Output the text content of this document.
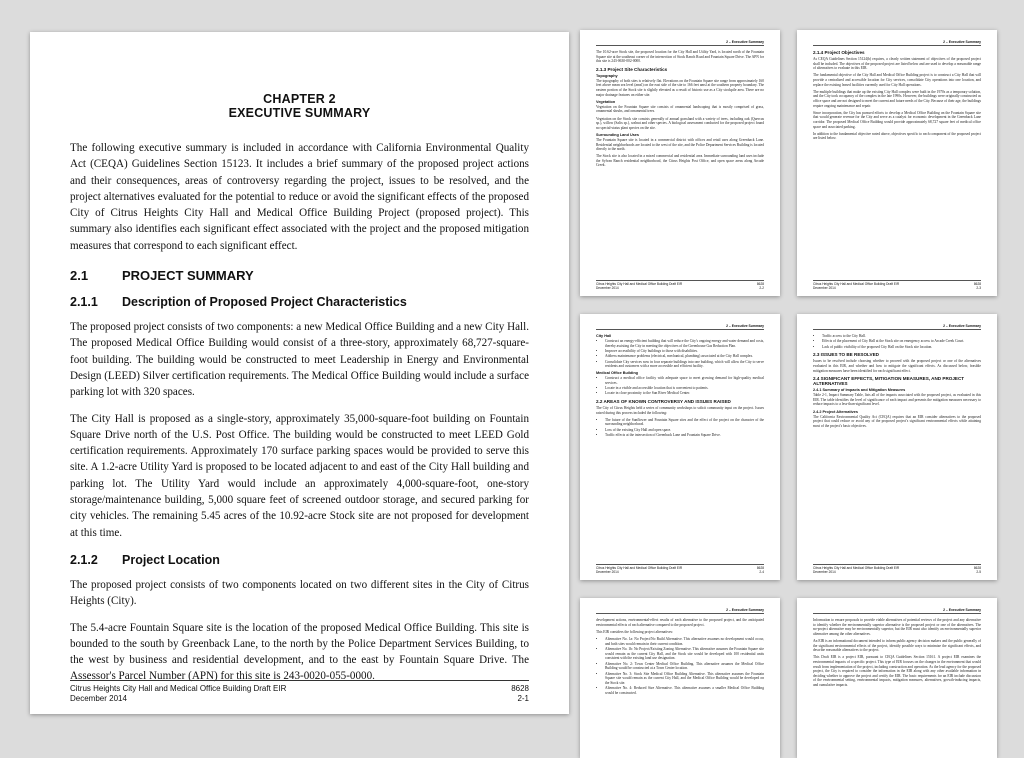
CHAPTER 2
EXECUTIVE SUMMARY

The following executive summary is included in accordance with California Environmental Quality Act (CEQA) Guidelines Section 15123. It includes a brief summary of the proposed project actions and their consequences, areas of controversy regarding the project, issues to be resolved, and the project alternatives evaluated for the potential to reduce or avoid the significant effects of the proposed City of Citrus Heights City Hall and Medical Office Building Project (proposed project). This summary also identifies each significant effect associated with the project and the proposed mitigation measures that correspond to each significant effect.

2.1	PROJECT SUMMARY
2.1.1	Description of Proposed Project Characteristics

The proposed project consists of two components: a new Medical Office Building and a new City Hall. The proposed Medical Office Building would consist of a three-story, approximately 68,727-square-foot building. The building would be constructed to meet Leadership in Energy and Environmental Design (LEED) Silver certification requirements. The Medical Office Building would include a surface parking lot with 320 spaces.

The City Hall is proposed as a single-story, approximately 35,000-square-foot building on Fountain Square Drive north of the U.S. Post Office. The building would be constructed to meet LEED Gold certification requirements. Approximately 170 surface parking spaces would be provided to serve this site. A 1.2-acre Utility Yard is proposed to be located adjacent to and east of the City Hall building and parking lot. The Utility Yard would include an approximately 4,000-square-foot, one-story storage/maintenance building, 5,000 square feet of screened outdoor storage, and secured parking for city vehicles. The remaining 5.45 acres of the 10.92-acre Stock site are not proposed for development at this time.

2.1.2	Project Location

The proposed project consists of two components located on two different sites in the City of Citrus Heights (City).

The 5.4-acre Fountain Square site is the location of the proposed Medical Office Building. This site is bounded to the south by Greenback Lane, to the north by the Police Department Services Building, to the west by business and residential development, and to the east by Fountain Square Drive. The Assessor's Parcel Number (APN) for this site is 243-0020-055-0000.

Citrus Heights City Hall and Medical Office Building Draft EIR	8628
December 2014	2-1
2 – Executive Summary

The 10.62-acre Stock site, the proposed location for the City Hall and Utility Yard, is located north of the Fountain Square site at the southeast corner of the intersection of Stock Ranch Road and Fountain Square Drive. The APN for this site is 243-0630-002-0000.

2.1.3 Project Site Characteristics
Topography

The topography of both sites is relatively flat. Elevations on the Fountain Square site range from approximately 160 feet above mean sea level (amsl) on the east side of the site to 166 feet amsl at the southern property boundary. The eastern portion of the Stock site is slightly elevated as a result of historic use as a City stockpile area. There are no major drainage features on either site.

Vegetation

Vegetation on the Fountain Square site consists of ornamental landscaping that is mostly comprised of grass, ornamental shrubs, and ornamental trees.

Vegetation on the Stock site consists generally of annual grassland with a variety of trees, including oak (Quercus sp.), willow (Salix sp.), walnut and other species. A biological assessment conducted for the proposed project found no special-status plant species on the site.

Surrounding Land Uses

The Fountain Square site is located in a commercial district with offices and retail uses along Greenback Lane. Residential neighborhoods are located to the west of the site, and the Police Department Services Building is located directly to the north.

The Stock site is also located in a mixed commercial and residential area. Immediate surrounding land uses include the Sylvan Ranch residential neighborhood, the Citrus Heights Post Office, and open space areas along Arcade Creek.

Citrus Heights City Hall and Medical Office Building Draft EIR	8628
December 2014	2-2
2 – Executive Summary
2.1.4 Project Objectives

As CEQA Guidelines Section 15124(b) requires, a clearly written statement of objectives of the proposed project shall be included. The objectives of the proposed project are listed below and are used to develop a reasonable range of alternatives to evaluate in this EIR.

The fundamental objective of the City Hall and Medical Office Building project is to construct a City Hall that will provide a centralized and accessible location for City services, consolidate City operations into one location, and replace the existing leased facilities currently used for City Hall operations.

The multiple buildings that make up the existing City Hall complex were built in the 1970s as a temporary solution, and the City took occupancy of the complex in the late 1990s. However, the buildings were originally constructed as office space and are not designed to meet the current and future needs of the City. Because of their age, the buildings require ongoing maintenance and repair.

Since incorporation, the City has pursued efforts to develop a Medical Office Building on the Fountain Square site that would generate revenue for the City and serve as a catalyst for economic development in the Greenback Lane corridor. The proposed Medical Office Building would provide approximately 68,727 square feet of medical office space and associated parking.

In addition to the fundamental objective noted above, objectives specific to each component of the proposed project are listed below.

Citrus Heights City Hall and Medical Office Building Draft EIR	8628
December 2014	2-3
2 – Executive Summary
City Hall
• Construct an energy-efficient building that will reduce the City's ongoing energy and water demand and costs, thereby assisting the City in meeting the objectives of the Greenhouse Gas Reduction Plan.
• Improve accessibility of City buildings to those with disabilities.
• Address maintenance problems (electrical, mechanical, plumbing) associated at the City Hall complex.
• Consolidate City services now in four separate buildings into one building, which will allow the City to serve residents and customers with a more accessible and efficient facility.
Medical Office Building
• Construct a medical office facility with adequate space to meet growing demand for high-quality medical services.
• Locate in a visible and accessible location that is convenient to patients.
• Locate in close proximity to the Sun River Medical Center.
2.2 AREAS OF KNOWN CONTROVERSY AND ISSUES RAISED

The City of Citrus Heights held a series of community workshops to solicit community input on the project. Issues raised during this process included the following:

• The future of the Sunflower and Fountain Square sites and the effect of the project on the character of the surrounding neighborhood.
• Loss of the existing City Hall and open space.
• Traffic effects at the intersection of Greenback Lane and Fountain Square Drive.
Citrus Heights City Hall and Medical Office Building Draft EIR	8628
December 2014	2-4
2 – Executive Summary
• Traffic access to the City Hall.
• Effects of the placement of City Hall at the Stock site on emergency access to Arcade Creek Court.
• Lack of public visibility of the proposed City Hall on the Stock site location.
2.3 ISSUES TO BE RESOLVED

Issues to be resolved include choosing whether to proceed with the proposed project or one of the alternatives evaluated in this EIR, and whether and how to mitigate the significant effects. As discussed below, feasible mitigation measures have been identified for each significant effect.

2.4 SIGNIFICANT EFFECTS, MITIGATION MEASURES, AND PROJECT ALTERNATIVES
2.4.1 Summary of Impacts and Mitigation Measures

Table 2-1, Impact Summary Table, lists all of the impacts associated with the proposed project, as evaluated in this EIR. The table identifies the level of significance of each impact and presents the mitigation measures necessary to reduce impacts to a less-than-significant level.

2.4.2 Project Alternatives

The California Environmental Quality Act (CEQA) requires that an EIR consider alternatives to the proposed project that could reduce or avoid any of the proposed project's significant environmental effects while attaining most of the project's basic objectives.

Citrus Heights City Hall and Medical Office Building Draft EIR	8628
December 2014	2-5
2 – Executive Summary

development actions, environmental-effect results of each alternative to the proposed project, and the anticipated environmental effects of each alternative compared to the proposed project.

This EIR considers the following project alternatives:

• Alternative No. 1a: No Project/No Build Alternative. This alternative assumes no development would occur, and both sites would remain in their current condition.
• Alternative No. 1b: No Project/Existing Zoning Alternative. This alternative assumes the Fountain Square site would remain as the current City Hall, and the Stock site would be developed with 100 residential units consistent with the existing land use designation.
• Alternative No. 2: Town Center Medical Office Building. This alternative assumes the Medical Office Building would be constructed at a Town Center location.
• Alternative No. 3: Stock Site Medical Office Building Alternative. This alternative assumes the Fountain Square site would remain as the current City Hall, and the Medical Office Building would be developed on the Stock site.
• Alternative No. 4: Reduced Size Alternative. This alternative assumes a smaller Medical Office Building would be constructed.
2 – Executive Summary

Information to ensure proposals to provide viable alternatives of potential reviews of the project and any alternative to identify whether the environmentally superior alternative is the proposed project or one of the alternatives. The no-project alternative may be environmentally superior, but the EIR must also identify an environmentally superior alternative among the other alternatives.

An EIR is an informational document intended to inform public agency decision makers and the public generally of the significant environmental effects of the project, identify possible ways to minimize the significant effects, and describe reasonable alternatives to the project.

This Draft EIR is a project EIR, pursuant to CEQA Guidelines Section 15161. A project EIR examines the environmental impacts of a specific project. This type of EIR focuses on the changes in the environment that would result from implementation of the project, including construction and operation. As the lead agency for the proposed project, the City is required to consider the information in the EIR along with any other available information in deciding whether to approve the project and certify the EIR. The basic requirements for an EIR include discussion of the environmental setting, environmental impacts, mitigation measures, alternatives, growth-inducing impacts, and cumulative impacts.
